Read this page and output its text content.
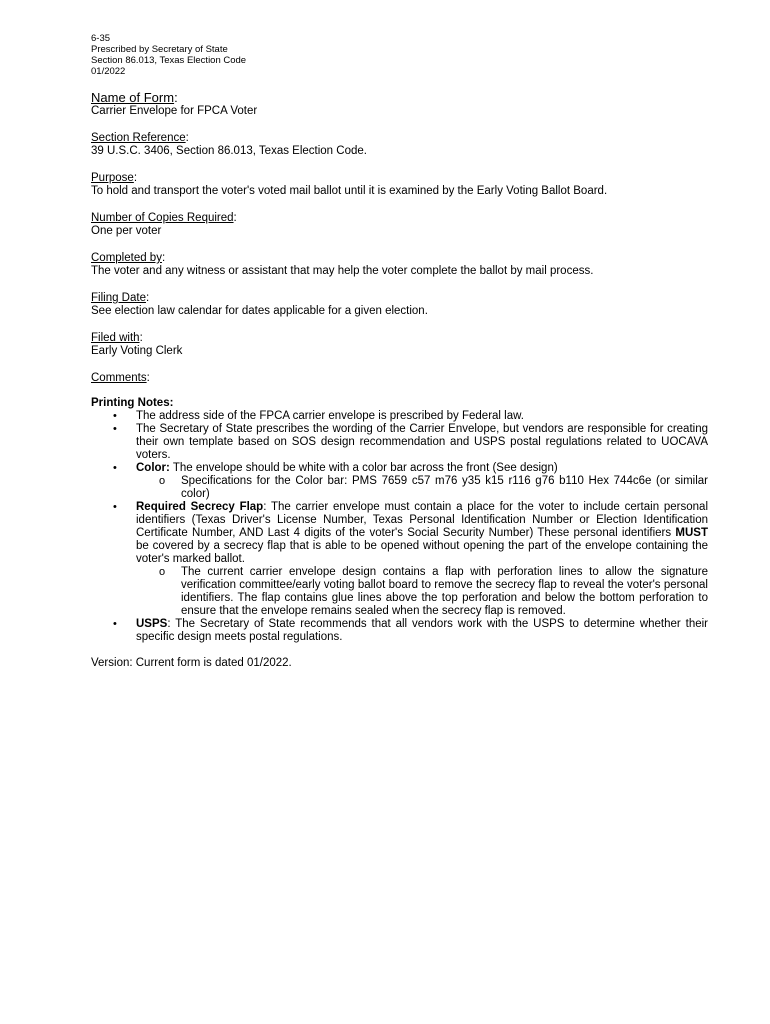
6-35
Prescribed by Secretary of State
Section 86.013, Texas Election Code
01/2022
Name of Form:
Carrier Envelope for FPCA Voter
Section Reference:
39 U.S.C. 3406, Section 86.013, Texas Election Code.
Purpose:
To hold and transport the voter's voted mail ballot until it is examined by the Early Voting Ballot Board.
Number of Copies Required:
One per voter
Completed by:
The voter and any witness or assistant that may help the voter complete the ballot by mail process.
Filing Date:
See election law calendar for dates applicable for a given election.
Filed with:
Early Voting Clerk
Comments:
Printing Notes:
• The address side of the FPCA carrier envelope is prescribed by Federal law.
• The Secretary of State prescribes the wording of the Carrier Envelope, but vendors are responsible for creating their own template based on SOS design recommendation and USPS postal regulations related to UOCAVA voters.
• Color: The envelope should be white with a color bar across the front (See design)
o Specifications for the Color bar: PMS 7659 c57 m76 y35 k15 r116 g76 b110 Hex 744c6e (or similar color)
• Required Secrecy Flap: The carrier envelope must contain a place for the voter to include certain personal identifiers (Texas Driver's License Number, Texas Personal Identification Number or Election Identification Certificate Number, AND Last 4 digits of the voter's Social Security Number) These personal identifiers MUST be covered by a secrecy flap that is able to be opened without opening the part of the envelope containing the voter's marked ballot.
o The current carrier envelope design contains a flap with perforation lines to allow the signature verification committee/early voting ballot board to remove the secrecy flap to reveal the voter's personal identifiers. The flap contains glue lines above the top perforation and below the bottom perforation to ensure that the envelope remains sealed when the secrecy flap is removed.
• USPS: The Secretary of State recommends that all vendors work with the USPS to determine whether their specific design meets postal regulations.
Version: Current form is dated 01/2022.
